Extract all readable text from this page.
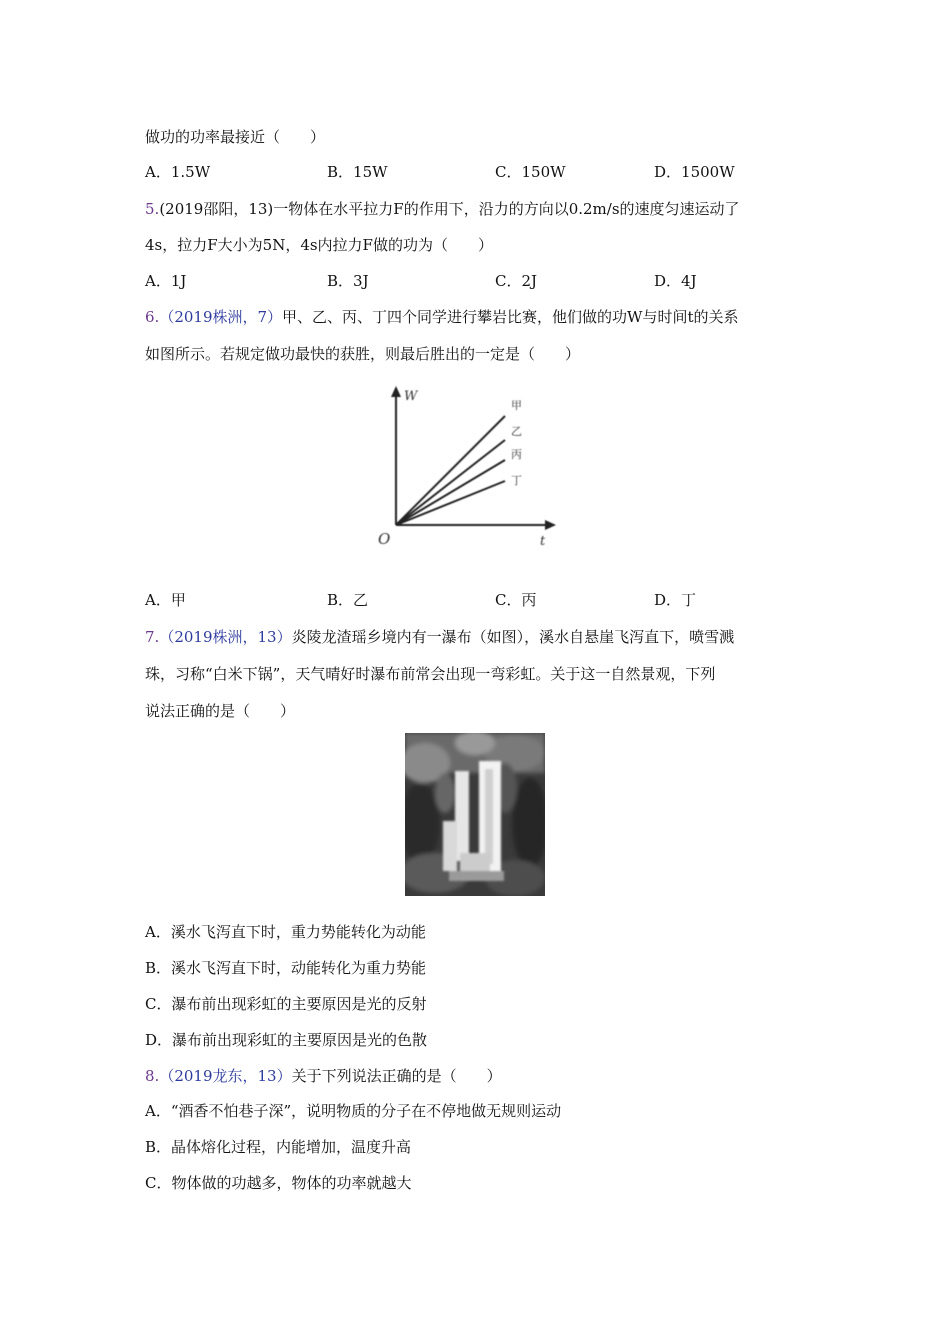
做功的功率最接近（　　）
A．1.5W	B．15W	C．150W	D．1500W
5.(2019邵阳，13)一物体在水平拉力F的作用下，沿力的方向以0.2m/s的速度匀速运动了
4s，拉力F大小为5N，4s内拉力F做的功为（　　）
A．1J	B．3J	C．2J	D．4J
6.（2019株洲，7）甲、乙、丙、丁四个同学进行攀岩比赛，他们做的功W与时间t的关系
如图所示。若规定做功最快的获胜，则最后胜出的一定是（　　）
W
t
O
甲
乙
丙
丁
A．甲	B．乙	C．丙	D．丁
7.（2019株洲，13）炎陵龙渣瑶乡境内有一瀑布（如图），溪水自悬崖飞泻直下，喷雪溅
珠，习称“白米下锅”，天气晴好时瀑布前常会出现一弯彩虹。关于这一自然景观，下列
说法正确的是（　　）
A．溪水飞泻直下时，重力势能转化为动能
B．溪水飞泻直下时，动能转化为重力势能
C．瀑布前出现彩虹的主要原因是光的反射
D．瀑布前出现彩虹的主要原因是光的色散
8.（2019龙东，13）关于下列说法正确的是（　　）
A．“酒香不怕巷子深”，说明物质的分子在不停地做无规则运动
B．晶体熔化过程，内能增加，温度升高
C．物体做的功越多，物体的功率就越大
